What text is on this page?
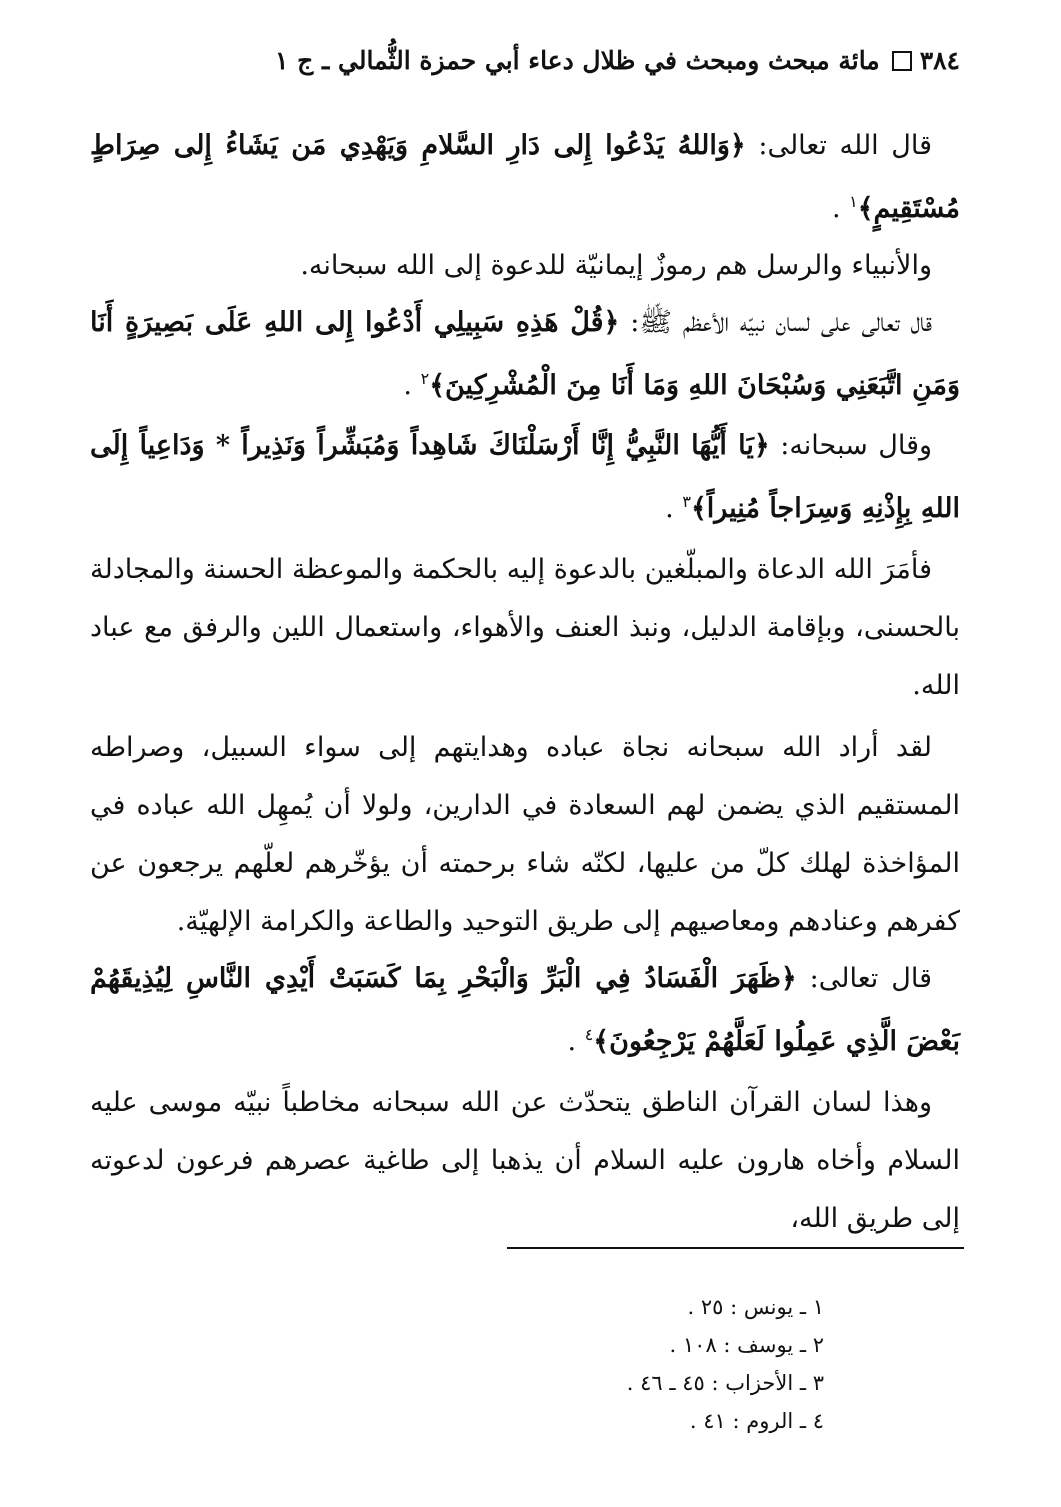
٣٨٤
مائة مبحث ومبحث في ظلال دعاء أبي حمزة الثُّمالي ـ ج ١

قال الله تعالى: ﴿وَاللهُ يَدْعُوا إِلى دَارِ السَّلامِ وَيَهْدِي مَن يَشَاءُ إِلى صِرَاطٍ مُسْتَقِيمٍ﴾$^١$ .

والأنبياء والرسل هم رموزٌ إيمانيّة للدعوة إلى الله سبحانه.

قال تعالى على لسان نبيّه الأعظم ﷺ: ﴿قُلْ هَذِهِ سَبِيلِي أَدْعُوا إِلى اللهِ عَلَى بَصِيرَةٍ أَنَا وَمَنِ اتَّبَعَنِي وَسُبْحَانَ اللهِ وَمَا أَنَا مِنَ الْمُشْرِكِينَ﴾$^٢$ .

وقال سبحانه: ﴿يَا أَيُّهَا النَّبِيُّ إِنَّا أَرْسَلْنَاكَ شَاهِداً وَمُبَشِّراً وَنَذِيراً * وَدَاعِياً إِلَى اللهِ بِإِذْنِهِ وَسِرَاجاً مُنِيراً﴾$^٣$ .

فأمَرَ الله الدعاة والمبلّغين بالدعوة إليه بالحكمة والموعظة الحسنة والمجادلة بالحسنى، وبإقامة الدليل، ونبذ العنف والأهواء، واستعمال اللين والرفق مع عباد الله.

لقد أراد الله سبحانه نجاة عباده وهدايتهم إلى سواء السبيل، وصراطه المستقيم الذي يضمن لهم السعادة في الدارين، ولولا أن يُمهِل الله عباده في المؤاخذة لهلك كلّ من عليها، لكنّه شاء برحمته أن يؤخّرهم لعلّهم يرجعون عن كفرهم وعنادهم ومعاصيهم إلى طريق التوحيد والطاعة والكرامة الإلهيّة.

قال تعالى: ﴿ظَهَرَ الْفَسَادُ فِي الْبَرِّ وَالْبَحْرِ بِمَا كَسَبَتْ أَيْدِي النَّاسِ لِيُذِيقَهُمْ بَعْضَ الَّذِي عَمِلُوا لَعَلَّهُمْ يَرْجِعُونَ﴾$^٤$ .

وهذا لسان القرآن الناطق يتحدّث عن الله سبحانه مخاطباً نبيّه موسى عليه السلام وأخاه هارون عليه السلام أن يذهبا إلى طاغية عصرهم فرعون لدعوته إلى طريق الله،

١ ـ يونس : ٢٥ .
٢ ـ يوسف : ١٠٨ .
٣ ـ الأحزاب : ٤٥ ـ ٤٦ .
٤ ـ الروم : ٤١ .
